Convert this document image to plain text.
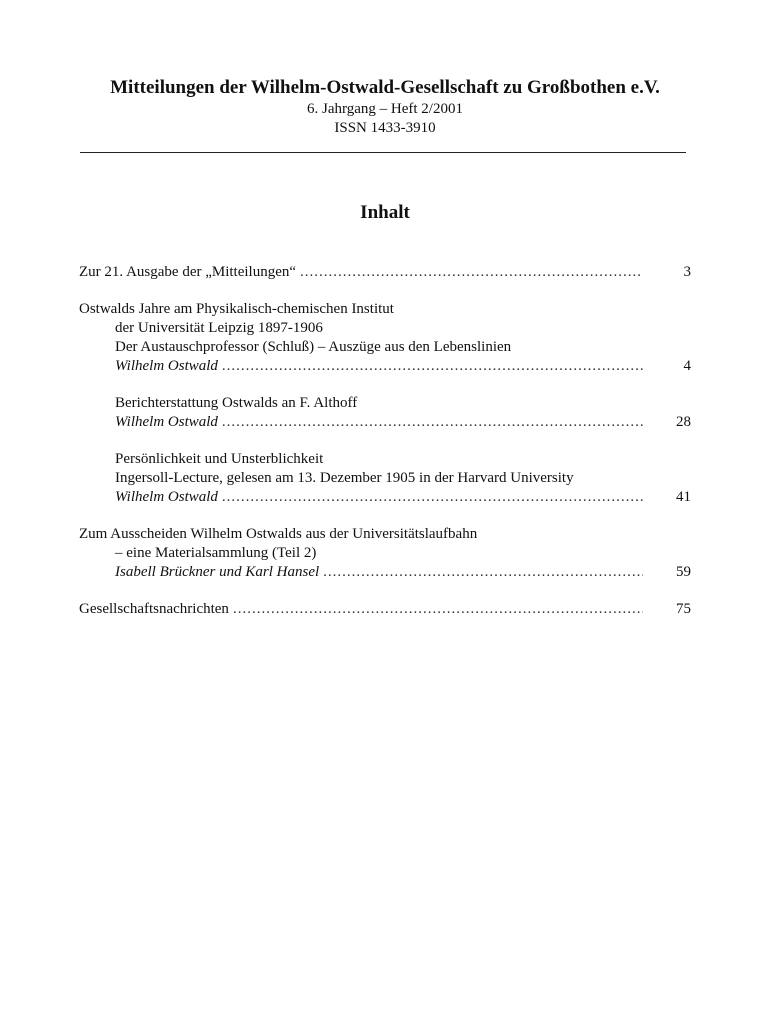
Mitteilungen der Wilhelm-Ostwald-Gesellschaft zu Großbothen e.V.
6. Jahrgang – Heft 2/2001
ISSN 1433-3910
Inhalt
Zur 21. Ausgabe der „Mitteilungen“ .....	3
Ostwalds Jahre am Physikalisch-chemischen Institut
der Universität Leipzig 1897-1906
Der Austauschprofessor (Schluß) – Auszüge aus den Lebenslinien
Wilhelm Ostwald .....	4
Berichterstattung Ostwalds an F. Althoff
Wilhelm Ostwald .....	28
Persönlichkeit und Unsterblichkeit
Ingersoll-Lecture, gelesen am 13. Dezember 1905 in der Harvard University
Wilhelm Ostwald .....	41
Zum Ausscheiden Wilhelm Ostwalds aus der Universitätslaufbahn
– eine Materialsammlung (Teil 2)
Isabell Brückner und Karl Hansel .....	59
Gesellschaftsnachrichten .....	75
